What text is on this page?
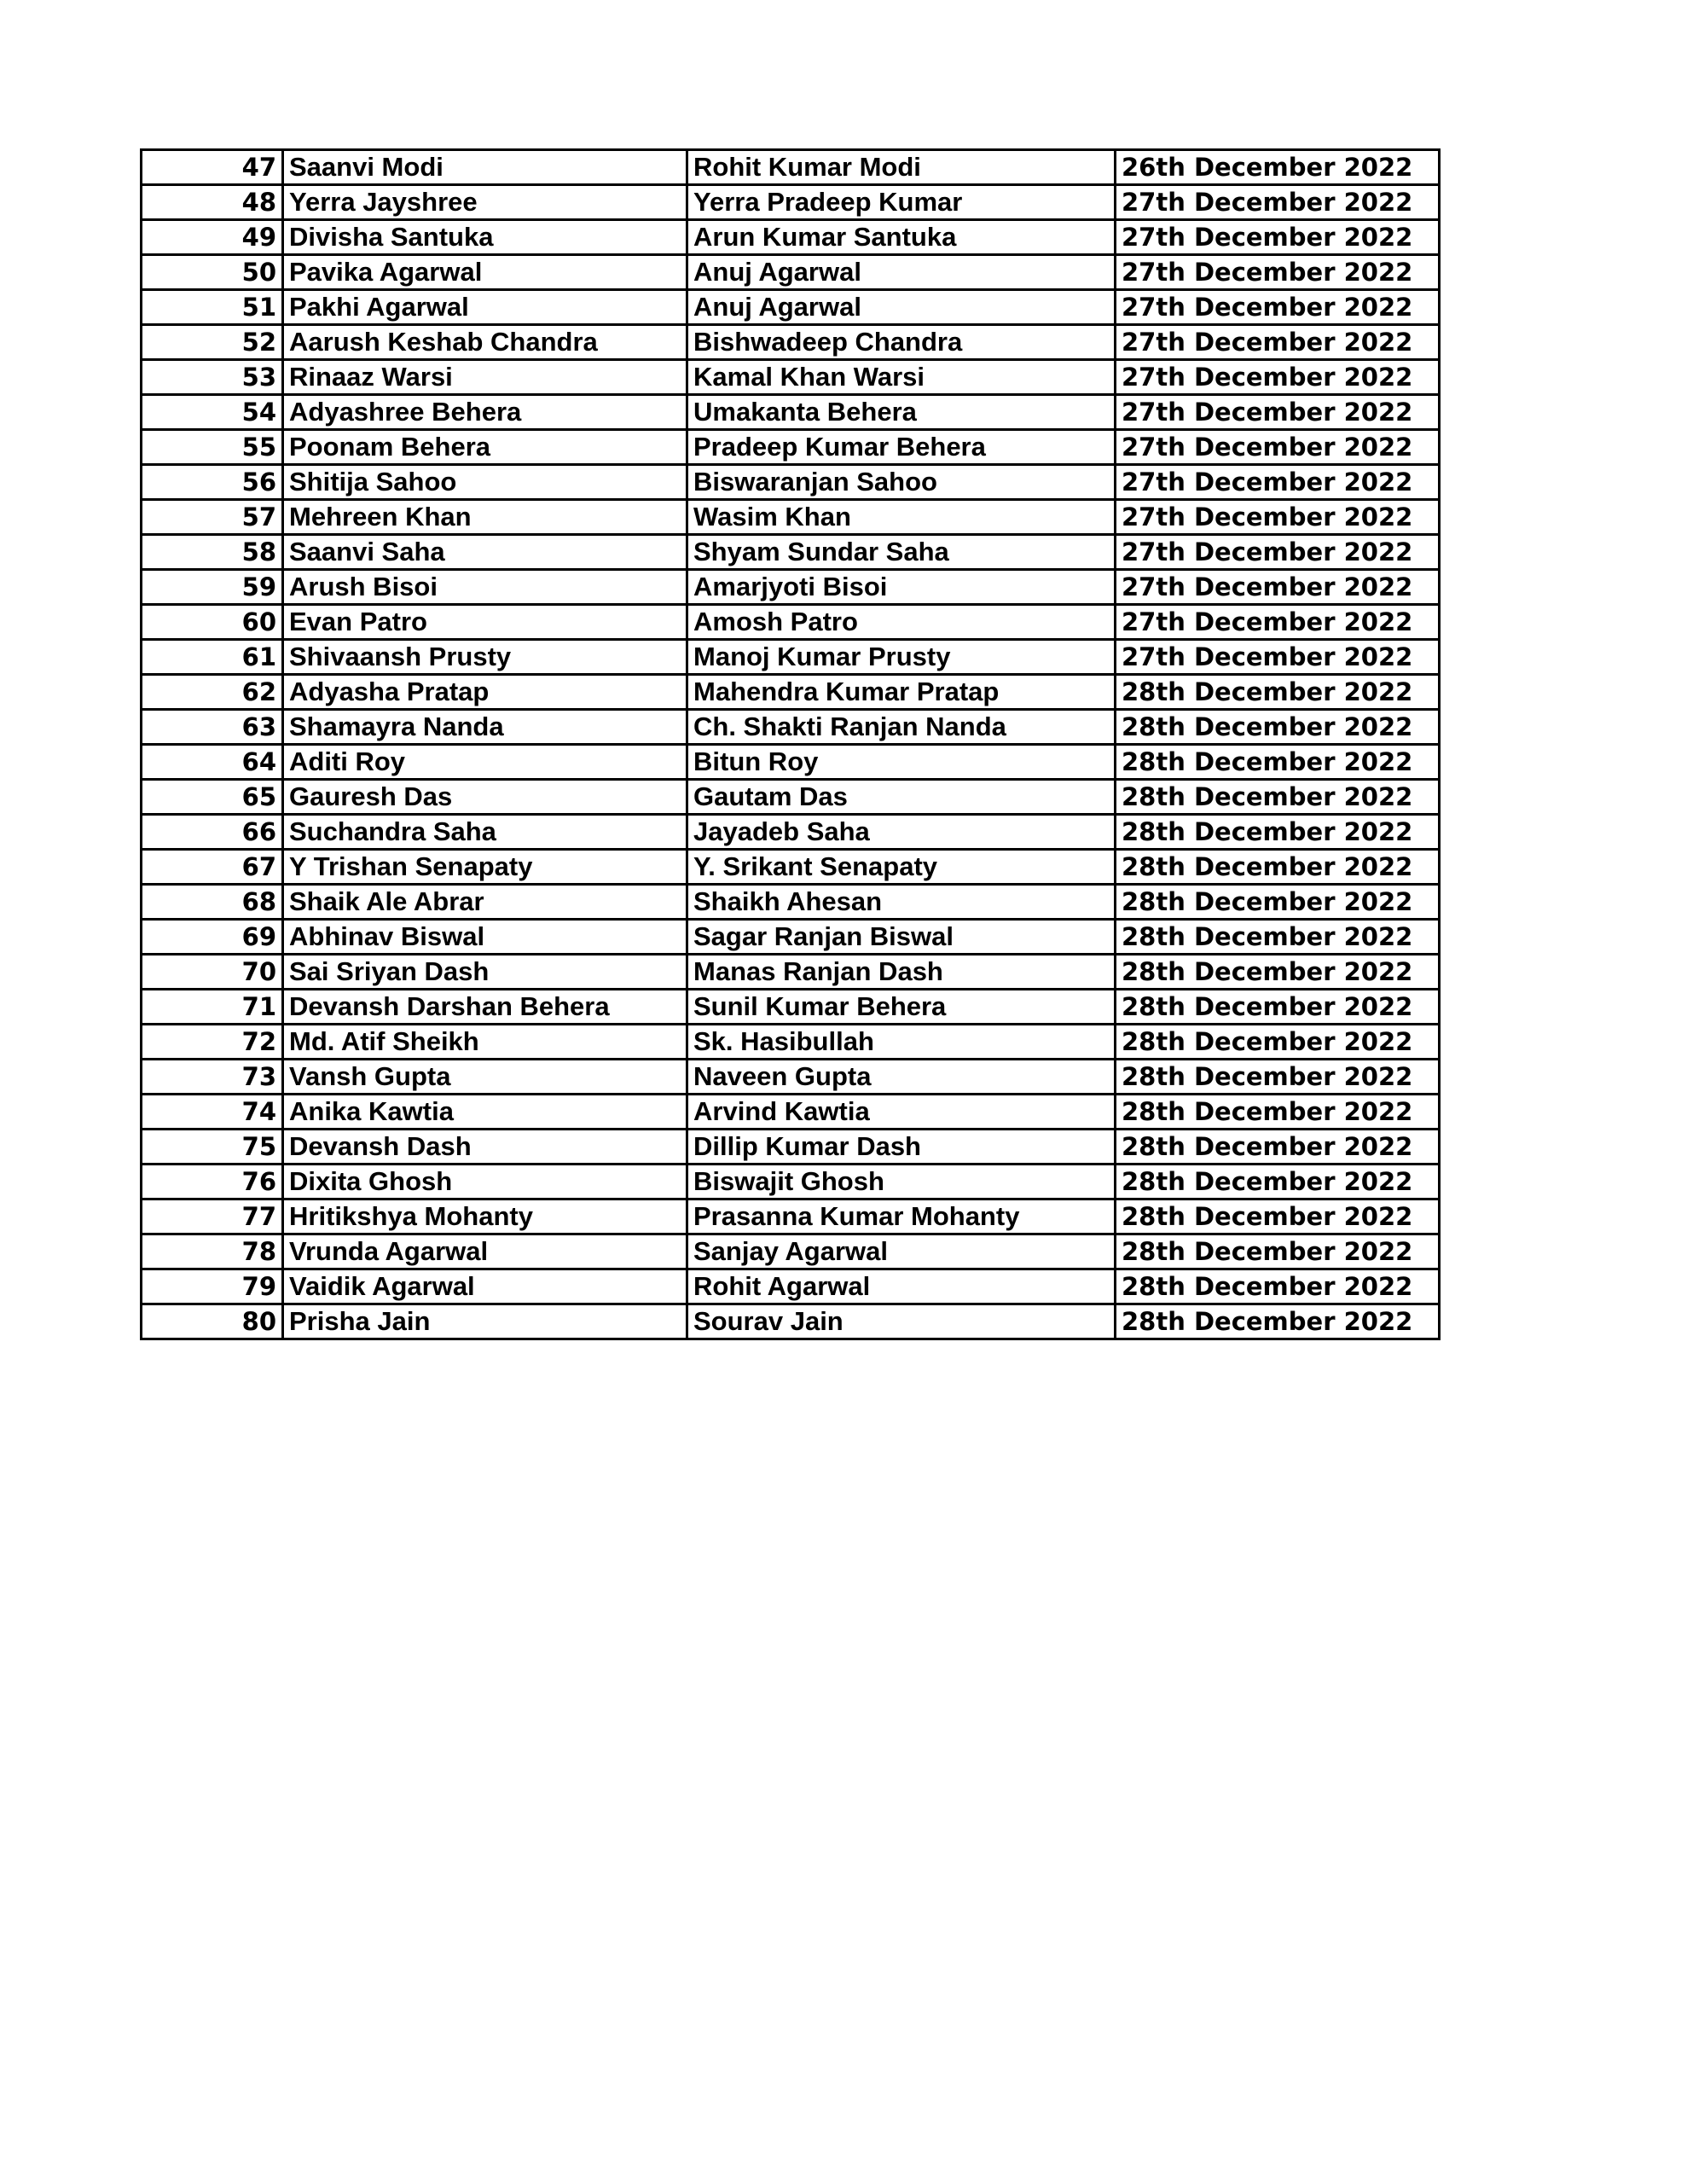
47	Saanvi Modi	Rohit Kumar Modi	26th December 2022
48	Yerra Jayshree	Yerra Pradeep Kumar	27th December 2022
49	Divisha Santuka	Arun Kumar Santuka	27th December 2022
50	Pavika Agarwal	Anuj Agarwal	27th December 2022
51	Pakhi Agarwal	Anuj Agarwal	27th December 2022
52	Aarush Keshab Chandra	Bishwadeep Chandra	27th December 2022
53	Rinaaz Warsi	Kamal Khan Warsi	27th December 2022
54	Adyashree Behera	Umakanta Behera	27th December 2022
55	Poonam Behera	Pradeep Kumar Behera	27th December 2022
56	Shitija Sahoo	Biswaranjan Sahoo	27th December 2022
57	Mehreen Khan	Wasim Khan	27th December 2022
58	Saanvi Saha	Shyam Sundar Saha	27th December 2022
59	Arush Bisoi	Amarjyoti Bisoi	27th December 2022
60	Evan Patro	Amosh Patro	27th December 2022
61	Shivaansh Prusty	Manoj Kumar Prusty	27th December 2022
62	Adyasha Pratap	Mahendra Kumar Pratap	28th December 2022
63	Shamayra Nanda	Ch. Shakti Ranjan Nanda	28th December 2022
64	Aditi Roy	Bitun Roy	28th December 2022
65	Gauresh Das	Gautam Das	28th December 2022
66	Suchandra Saha	Jayadeb Saha	28th December 2022
67	Y Trishan Senapaty	Y. Srikant Senapaty	28th December 2022
68	Shaik Ale Abrar	Shaikh Ahesan	28th December 2022
69	Abhinav Biswal	Sagar Ranjan Biswal	28th December 2022
70	Sai Sriyan Dash	Manas Ranjan Dash	28th December 2022
71	Devansh Darshan Behera	Sunil Kumar Behera	28th December 2022
72	Md. Atif Sheikh	Sk. Hasibullah	28th December 2022
73	Vansh Gupta	Naveen Gupta	28th December 2022
74	Anika Kawtia	Arvind Kawtia	28th December 2022
75	Devansh Dash	Dillip Kumar Dash	28th December 2022
76	Dixita Ghosh	Biswajit Ghosh	28th December 2022
77	Hritikshya Mohanty	Prasanna Kumar Mohanty	28th December 2022
78	Vrunda Agarwal	Sanjay Agarwal	28th December 2022
79	Vaidik Agarwal	Rohit Agarwal	28th December 2022
80	Prisha Jain	Sourav Jain	28th December 2022
